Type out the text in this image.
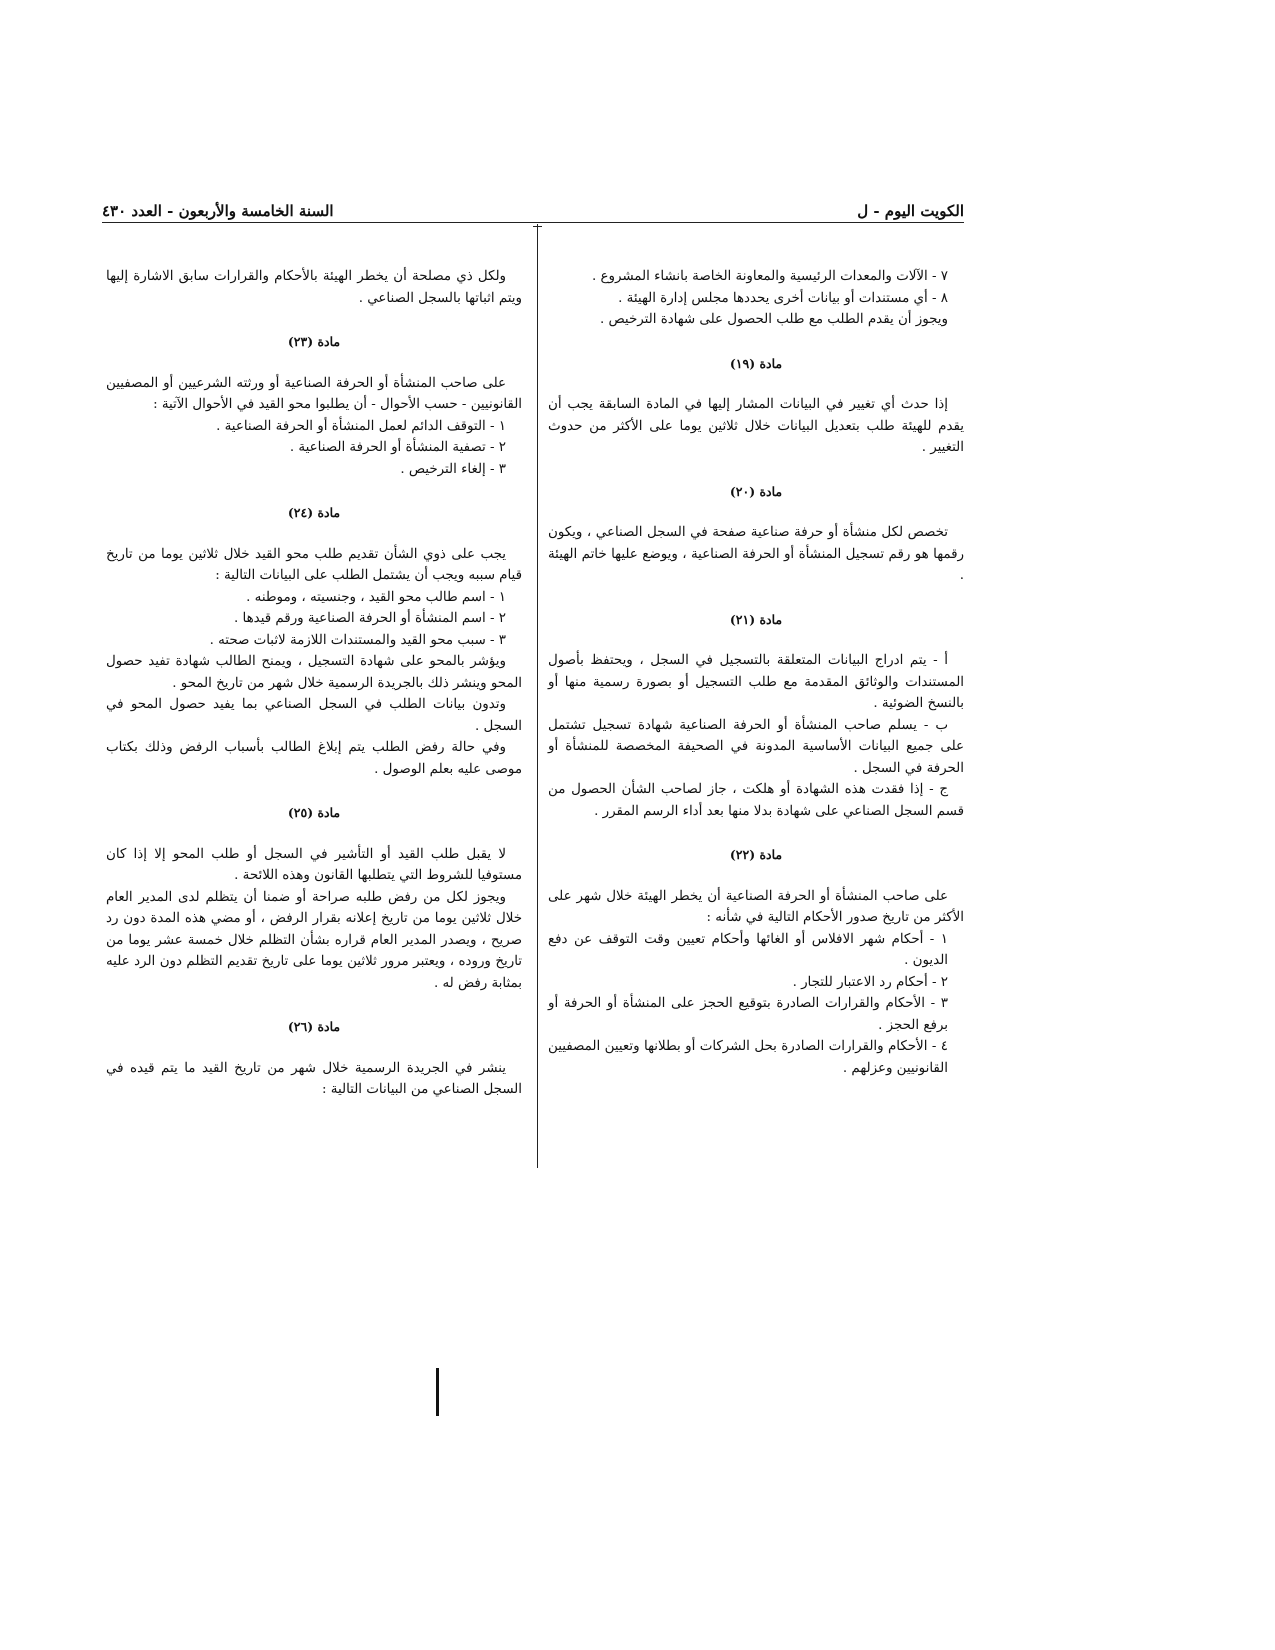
السنة الخامسة والأربعون - العدد ٤٣٠	الكويت اليوم - ل

٧ - الآلات والمعدات الرئيسية والمعاونة الخاصة بانشاء المشروع .

٨ - أي مستندات أو بيانات أخرى يحددها مجلس إدارة الهيئة .

ويجوز أن يقدم الطلب مع طلب الحصول على شهادة الترخيص .

مادة (١٩)

إذا حدث أي تغيير في البيانات المشار إليها في المادة السابقة يجب أن يقدم للهيئة طلب بتعديل البيانات خلال ثلاثين يوما على الأكثر من حدوث التغيير .

مادة (٢٠)

تخصص لكل منشأة أو حرفة صناعية صفحة في السجل الصناعي ، ويكون رقمها هو رقم تسجيل المنشأة أو الحرفة الصناعية ، ويوضع عليها خاتم الهيئة .

مادة (٢١)

أ - يتم ادراج البيانات المتعلقة بالتسجيل في السجل ، ويحتفظ بأصول المستندات والوثائق المقدمة مع طلب التسجيل أو بصورة رسمية منها أو بالنسخ الضوئية .

ب - يسلم صاحب المنشأة أو الحرفة الصناعية شهادة تسجيل تشتمل على جميع البيانات الأساسية المدونة في الصحيفة المخصصة للمنشأة أو الحرفة في السجل .

ج - إذا فقدت هذه الشهادة أو هلكت ، جاز لصاحب الشأن الحصول من قسم السجل الصناعي على شهادة بدلا منها بعد أداء الرسم المقرر .

مادة (٢٢)

على صاحب المنشأة أو الحرفة الصناعية أن يخطر الهيئة خلال شهر على الأكثر من تاريخ صدور الأحكام التالية في شأنه :

١ - أحكام شهر الافلاس أو الغائها وأحكام تعيين وقت التوقف عن دفع الديون .

٢ - أحكام رد الاعتبار للتجار .

٣ - الأحكام والقرارات الصادرة بتوقيع الحجز على المنشأة أو الحرفة أو برفع الحجز .

٤ - الأحكام والقرارات الصادرة بحل الشركات أو بطلانها وتعيين المصفيين القانونيين وعزلهم .

ولكل ذي مصلحة أن يخطر الهيئة بالأحكام والقرارات سابق الاشارة إليها ويتم اثباتها بالسجل الصناعي .

مادة (٢٣)

على صاحب المنشأة أو الحرفة الصناعية أو ورثته الشرعيين أو المصفيين القانونيين - حسب الأحوال - أن يطلبوا محو القيد في الأحوال الآتية :

١ - التوقف الدائم لعمل المنشأة أو الحرفة الصناعية .

٢ - تصفية المنشأة أو الحرفة الصناعية .

٣ - إلغاء الترخيص .

مادة (٢٤)

يجب على ذوي الشأن تقديم طلب محو القيد خلال ثلاثين يوما من تاريخ قيام سببه ويجب أن يشتمل الطلب على البيانات التالية :

١ - اسم طالب محو القيد ، وجنسيته ، وموطنه .

٢ - اسم المنشأة أو الحرفة الصناعية ورقم قيدها .

٣ - سبب محو القيد والمستندات اللازمة لاثبات صحته .

ويؤشر بالمحو على شهادة التسجيل ، ويمنح الطالب شهادة تفيد حصول المحو وينشر ذلك بالجريدة الرسمية خلال شهر من تاريخ المحو .

وتدون بيانات الطلب في السجل الصناعي بما يفيد حصول المحو في السجل .

وفي حالة رفض الطلب يتم إبلاغ الطالب بأسباب الرفض وذلك بكتاب موصى عليه بعلم الوصول .

مادة (٢٥)

لا يقبل طلب القيد أو التأشير في السجل أو طلب المحو إلا إذا كان مستوفيا للشروط التي يتطلبها القانون وهذه اللائحة .

ويجوز لكل من رفض طلبه صراحة أو ضمنا أن يتظلم لدى المدير العام خلال ثلاثين يوما من تاريخ إعلانه بقرار الرفض ، أو مضي هذه المدة دون رد صريح ، ويصدر المدير العام قراره بشأن التظلم خلال خمسة عشر يوما من تاريخ وروده ، ويعتبر مرور ثلاثين يوما على تاريخ تقديم التظلم دون الرد عليه بمثابة رفض له .

مادة (٢٦)

ينشر في الجريدة الرسمية خلال شهر من تاريخ القيد ما يتم قيده في السجل الصناعي من البيانات التالية :
